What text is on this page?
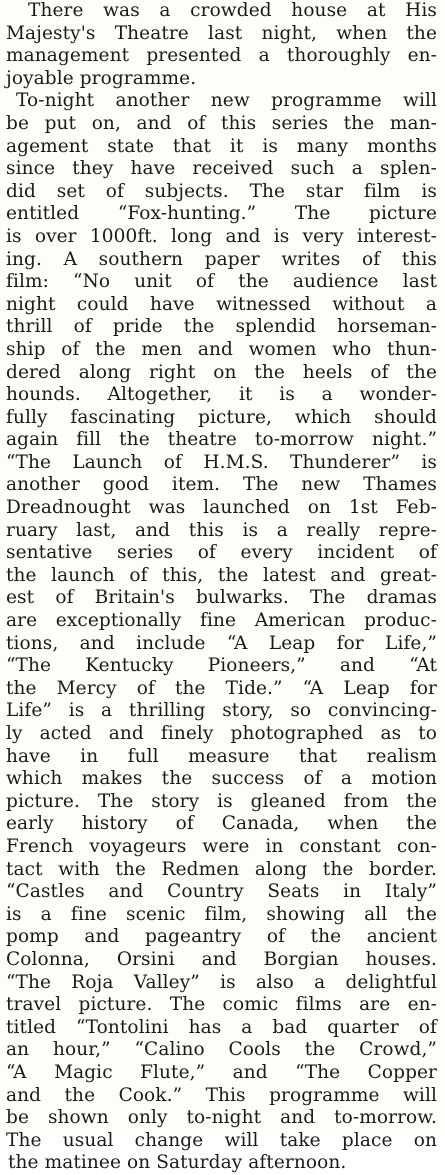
There was a crowded house at His
Majesty's Theatre last night, when the
management presented a thoroughly en-
joyable programme.
To-night another new programme will
be put on, and of this series the man-
agement state that it is many months
since they have received such a splen-
did set of subjects. The star film is
entitled “Fox-hunting.” The picture
is over 1000ft. long and is very interest-
ing. A southern paper writes of this
film: “No unit of the audience last
night could have witnessed without a
thrill of pride the splendid horseman-
ship of the men and women who thun-
dered along right on the heels of the
hounds. Altogether, it is a wonder-
fully fascinating picture, which should
again fill the theatre to-morrow night.”
“The Launch of H.M.S. Thunderer” is
another good item. The new Thames
Dreadnought was launched on 1st Feb-
ruary last, and this is a really repre-
sentative series of every incident of
the launch of this, the latest and great-
est of Britain's bulwarks. The dramas
are exceptionally fine American produc-
tions, and include “A Leap for Life,”
“The Kentucky Pioneers,” and “At
the Mercy of the Tide.” “A Leap for
Life” is a thrilling story, so convincing-
ly acted and finely photographed as to
have in full measure that realism
which makes the success of a motion
picture. The story is gleaned from the
early history of Canada, when the
French voyageurs were in constant con-
tact with the Redmen along the border.
“Castles and Country Seats in Italy”
is a fine scenic film, showing all the
pomp and pageantry of the ancient
Colonna, Orsini and Borgian houses.
“The Roja Valley” is also a delightful
travel picture. The comic films are en-
titled “Tontolini has a bad quarter of
an hour,” “Calino Cools the Crowd,”
“A Magic Flute,” and “The Copper
and the Cook.” This programme will
be shown only to-night and to-morrow.
The usual change will take place on
the matinee on Saturday afternoon.
